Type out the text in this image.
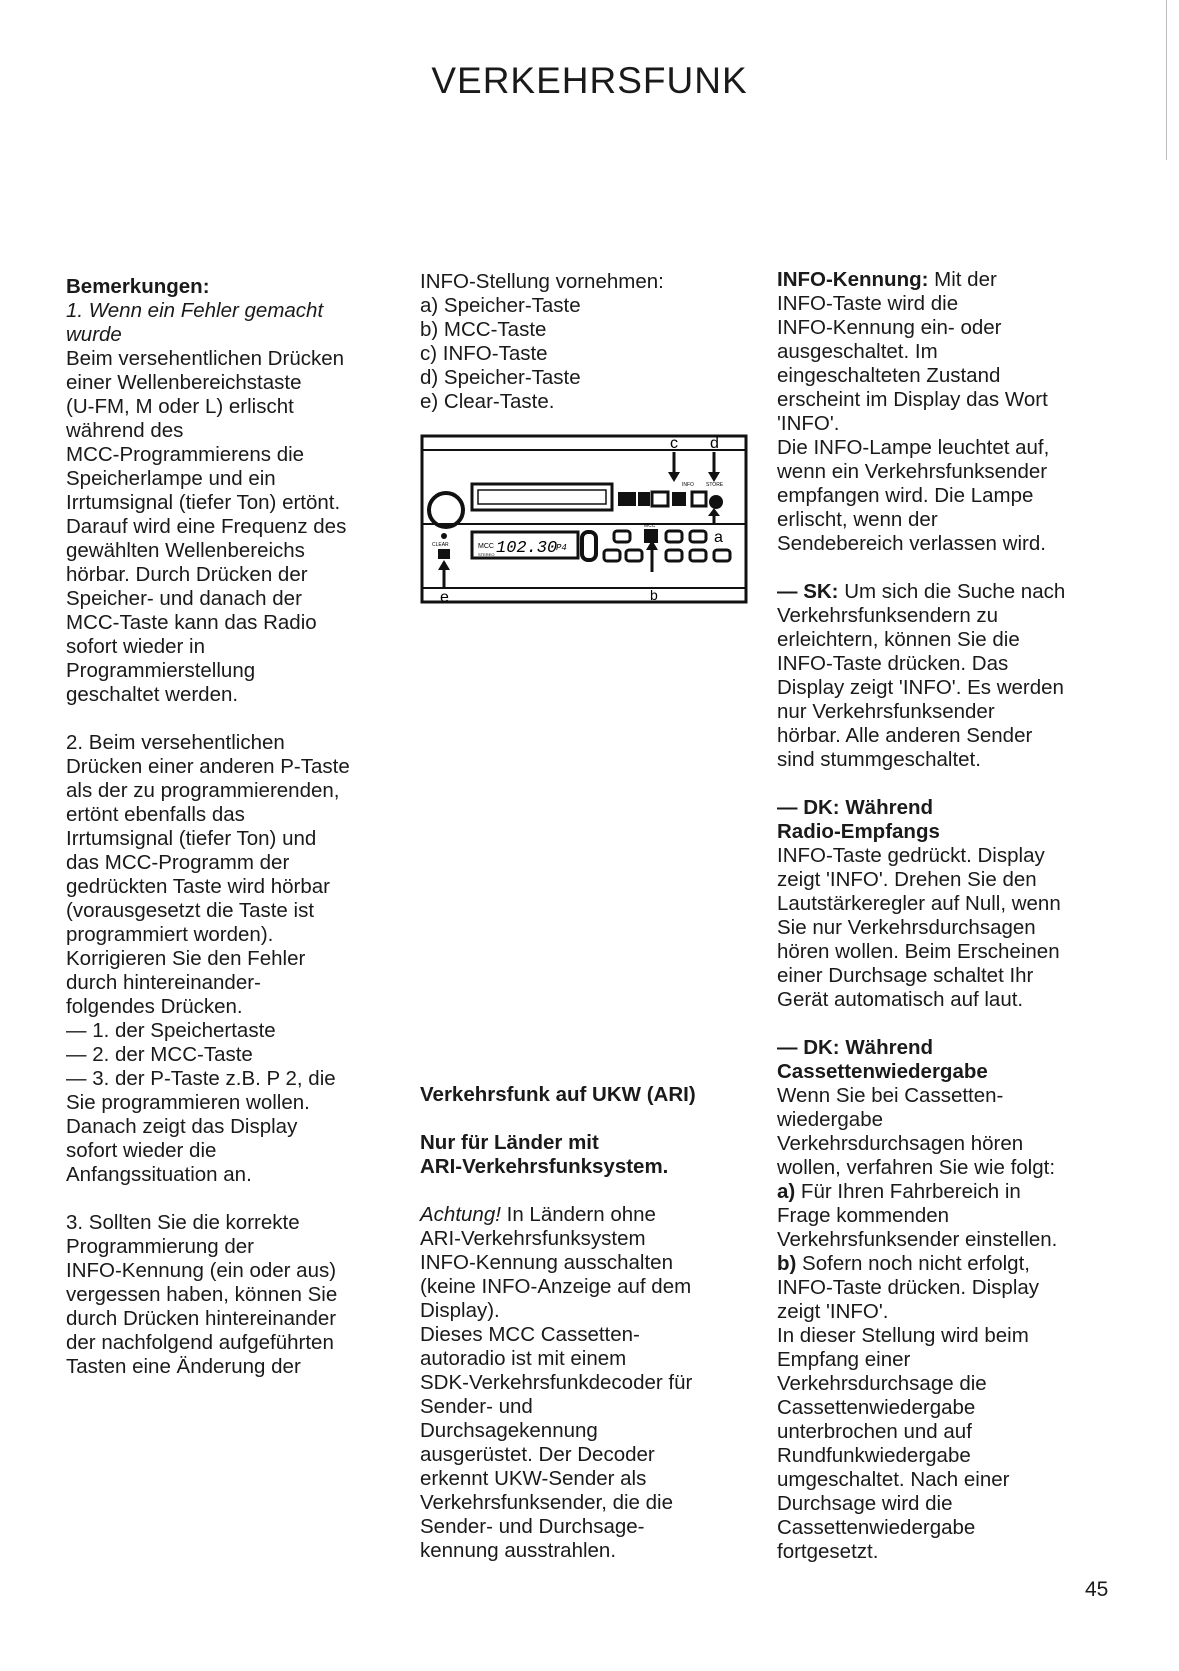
VERKEHRSFUNK

Bemerkungen:

1. Wenn ein Fehler gemacht wurde

Beim versehentlichen Drücken
einer Wellenbereichstaste
(U-FM, M oder L) erlischt
während des
MCC-Programmierens die
Speicherlampe und ein
Irrtumsignal (tiefer Ton) ertönt.
Darauf wird eine Frequenz des
gewählten Wellenbereichs
hörbar. Durch Drücken der
Speicher- und danach der
MCC-Taste kann das Radio
sofort wieder in
Programmierstellung
geschaltet werden.
2. Beim versehentlichen
Drücken einer anderen P-Taste
als der zu programmierenden,
ertönt ebenfalls das
Irrtumsignal (tiefer Ton) und
das MCC-Programm der
gedrückten Taste wird hörbar
(vorausgesetzt die Taste ist
programmiert worden).
Korrigieren Sie den Fehler
durch hintereinander-
folgendes Drücken.
— 1. der Speichertaste
— 2. der MCC-Taste
— 3. der P-Taste z.B. P 2, die
Sie programmieren wollen.
Danach zeigt das Display
sofort wieder die
Anfangssituation an.
3. Sollten Sie die korrekte
Programmierung der
INFO-Kennung (ein oder aus)
vergessen haben, können Sie
durch Drücken hintereinander
der nachfolgend aufgeführten
Tasten eine Änderung der
INFO-Stellung vornehmen:
a) Speicher-Taste
b) MCC-Taste
c) INFO-Taste
d) Speicher-Taste
e) Clear-Taste.
INFO STORE
c d
MCC
STEREO 102.30
P4
CLEAR
MCC
a
e	b

Verkehrsfunk auf UKW (ARI)

Nur für Länder mit
ARI-Verkehrsfunksystem.

Achtung! In Ländern ohne

ARI-Verkehrsfunksystem
INFO-Kennung ausschalten
(keine INFO-Anzeige auf dem
Display).
Dieses MCC Cassetten-
autoradio ist mit einem
SDK-Verkehrsfunkdecoder für
Sender- und
Durchsagekennung
ausgerüstet. Der Decoder
erkennt UKW-Sender als
Verkehrsfunksender, die die
Sender- und Durchsage-
kennung ausstrahlen.

INFO-Kennung: Mit der

INFO-Taste wird die
INFO-Kennung ein- oder
ausgeschaltet. Im
eingeschalteten Zustand
erscheint im Display das Wort
'INFO'.
Die INFO-Lampe leuchtet auf,
wenn ein Verkehrsfunksender
empfangen wird. Die Lampe
erlischt, wenn der
Sendebereich verlassen wird.

— SK: Um sich die Suche nach

Verkehrsfunksendern zu
erleichtern, können Sie die
INFO-Taste drücken. Das
Display zeigt 'INFO'. Es werden
nur Verkehrsfunksender
hörbar. Alle anderen Sender
sind stummgeschaltet.
— DK: Während
Radio-Empfangs
INFO-Taste gedrückt. Display
zeigt 'INFO'. Drehen Sie den
Lautstärkeregler auf Null, wenn
Sie nur Verkehrsdurchsagen
hören wollen. Beim Erscheinen
einer Durchsage schaltet Ihr
Gerät automatisch auf laut.
— DK: Während
Cassettenwiedergabe
Wenn Sie bei Cassetten-
wiedergabe
Verkehrsdurchsagen hören
wollen, verfahren Sie wie folgt:

a) Für Ihren Fahrbereich in

Frage kommenden
Verkehrsfunksender einstellen.

b) Sofern noch nicht erfolgt,

INFO-Taste drücken. Display
zeigt 'INFO'.
In dieser Stellung wird beim
Empfang einer
Verkehrsdurchsage die
Cassettenwiedergabe
unterbrochen und auf
Rundfunkwiedergabe
umgeschaltet. Nach einer
Durchsage wird die
Cassettenwiedergabe
fortgesetzt.
45
